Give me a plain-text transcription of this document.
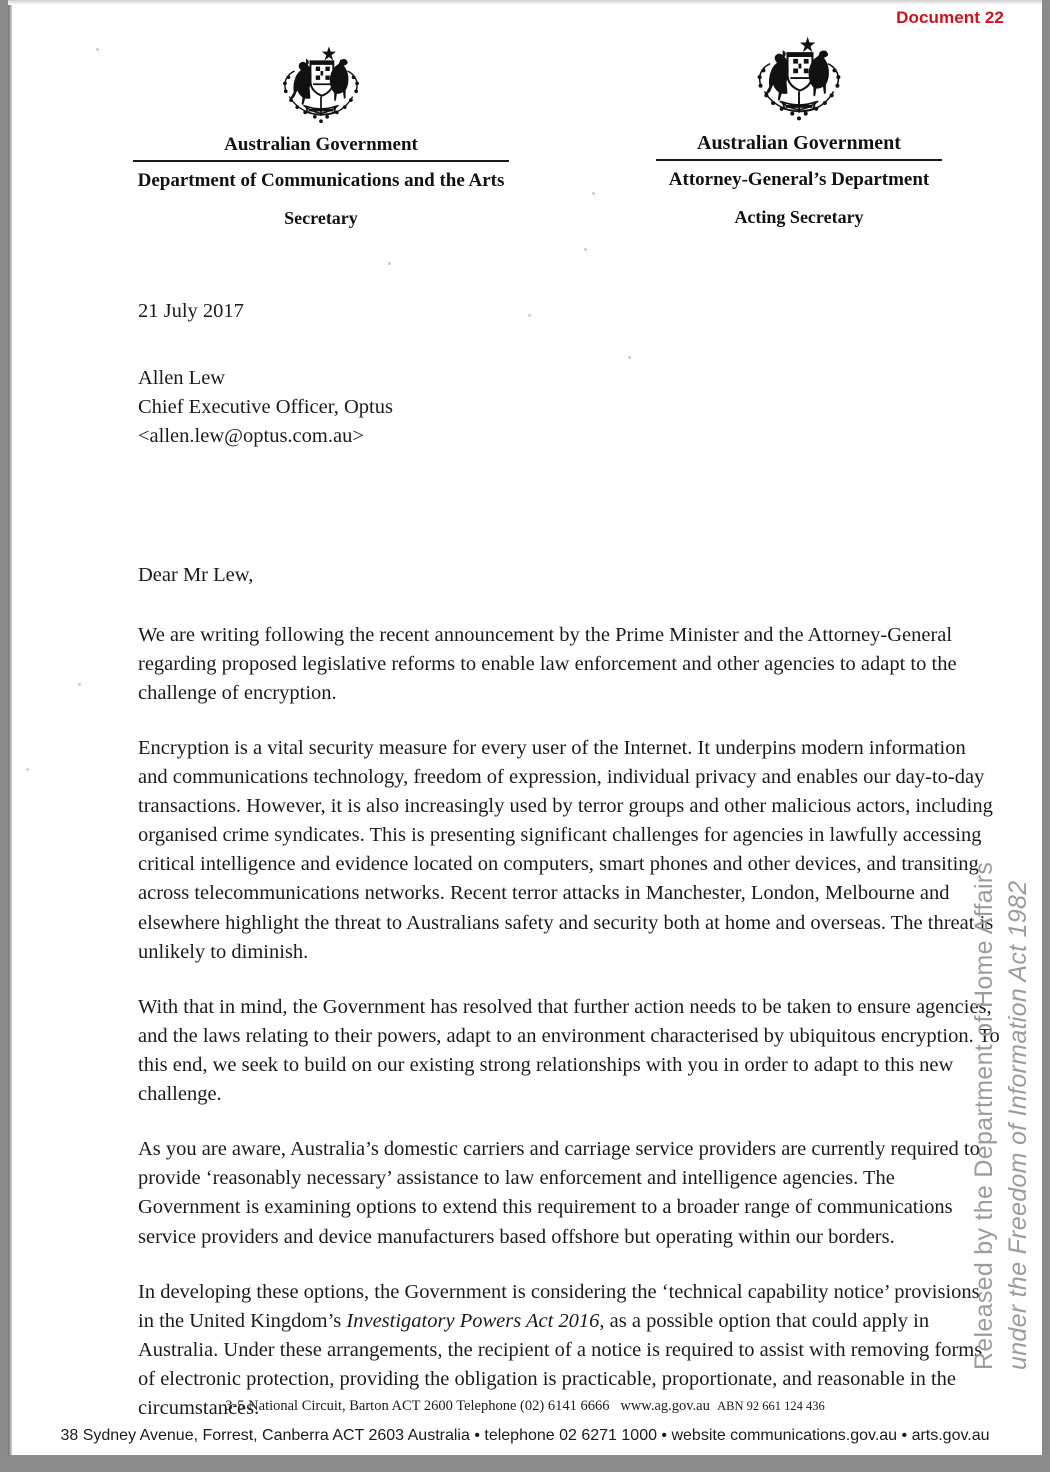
Document 22
Australian Government
Department of Communications and the Arts
Secretary
Australian Government
Attorney-General’s Department
Acting Secretary
21 July 2017
Allen Lew
Chief Executive Officer, Optus
<allen.lew@optus.com.au>
Dear Mr Lew,

We are writing following the recent announcement by the Prime Minister and the Attorney-General regarding proposed legislative reforms to enable law enforcement and other agencies to adapt to the challenge of encryption.

Encryption is a vital security measure for every user of the Internet. It underpins modern information and communications technology, freedom of expression, individual privacy and enables our day-to-day transactions. However, it is also increasingly used by terror groups and other malicious actors, including organised crime syndicates. This is presenting significant challenges for agencies in lawfully accessing critical intelligence and evidence located on computers, smart phones and other devices, and transiting across telecommunications networks. Recent terror attacks in Manchester, London, Melbourne and elsewhere highlight the threat to Australians safety and security both at home and overseas. The threat is unlikely to diminish.

With that in mind, the Government has resolved that further action needs to be taken to ensure agencies, and the laws relating to their powers, adapt to an environment characterised by ubiquitous encryption. To this end, we seek to build on our existing strong relationships with you in order to adapt to this new challenge.

As you are aware, Australia’s domestic carriers and carriage service providers are currently required to provide ‘reasonably necessary’ assistance to law enforcement and intelligence agencies. The Government is examining options to extend this requirement to a broader range of communications service providers and device manufacturers based offshore but operating within our borders.

In developing these options, the Government is considering the ‘technical capability notice’ provisions in the United Kingdom’s Investigatory Powers Act 2016, as a possible option that could apply in Australia. Under these arrangements, the recipient of a notice is required to assist with removing forms of electronic protection, providing the obligation is practicable, proportionate, and reasonable in the circumstances.

Released by the Department of Home Affairs under the Freedom of Information Act 1982
3-5 National Circuit, Barton ACT 2600 Telephone (02) 6141 6666 www.ag.gov.au ABN 92 661 124 436
38 Sydney Avenue, Forrest, Canberra ACT 2603 Australia • telephone 02 6271 1000 • website communications.gov.au • arts.gov.au
